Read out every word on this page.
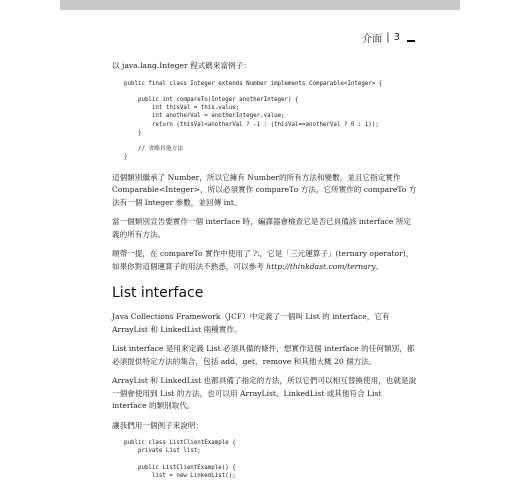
介面 | 3

以 java.lang.Integer 程式碼來當例子：

public final class Integer extends Number implements Comparable<Integer> {

public int compareTo(Integer anotherInteger) {
int thisVal = this.value;
int anotherVal = anotherInteger.value;
return (thisVal<anotherVal ? -1 : (thisVal==anotherVal ? 0 : 1));
}

// 省略其他方法
}

這個類別繼承了 Number，所以它擁有 Number的所有方法和變數，並且它指定實作 Comparable<Integer>，所以必須實作 compareTo 方法，它所實作的 compareTo 方法有一個 Integer 參數，並回傳 int。

當一個類別宣告要實作一個 interface 時，編譯器會檢查它是否已具備該 interface 所定義的所有方法。

順帶一提，在 compareTo 實作中使用了 ?:，它是「三元運算子」(ternary operator)，如果你對這個運算子的用法不熟悉，可以參考 http://thinkdast.com/ternary。

List interface

Java Collections Framework（JCF）中定義了一個叫 List 的 interface，它有 ArrayList 和 LinkedList 兩種實作。

List interface 是用來定義 List 必須具備的條件，想實作這個 interface 的任何類別，都必須提供特定方法的集合，包括 add、get、remove 和其他大概 20 個方法。

ArrayList 和 LinkedList 也都具備了指定的方法，所以它們可以相互替換使用，也就是說一個會使用到 List 的方法，也可以用 ArrayList、LinkedList 或其他符合 List interface 的類別取代。

讓我們用一個例子來說明：

public class ListClientExample {
private List list;

public ListClientExample() {
list = new LinkedList();
